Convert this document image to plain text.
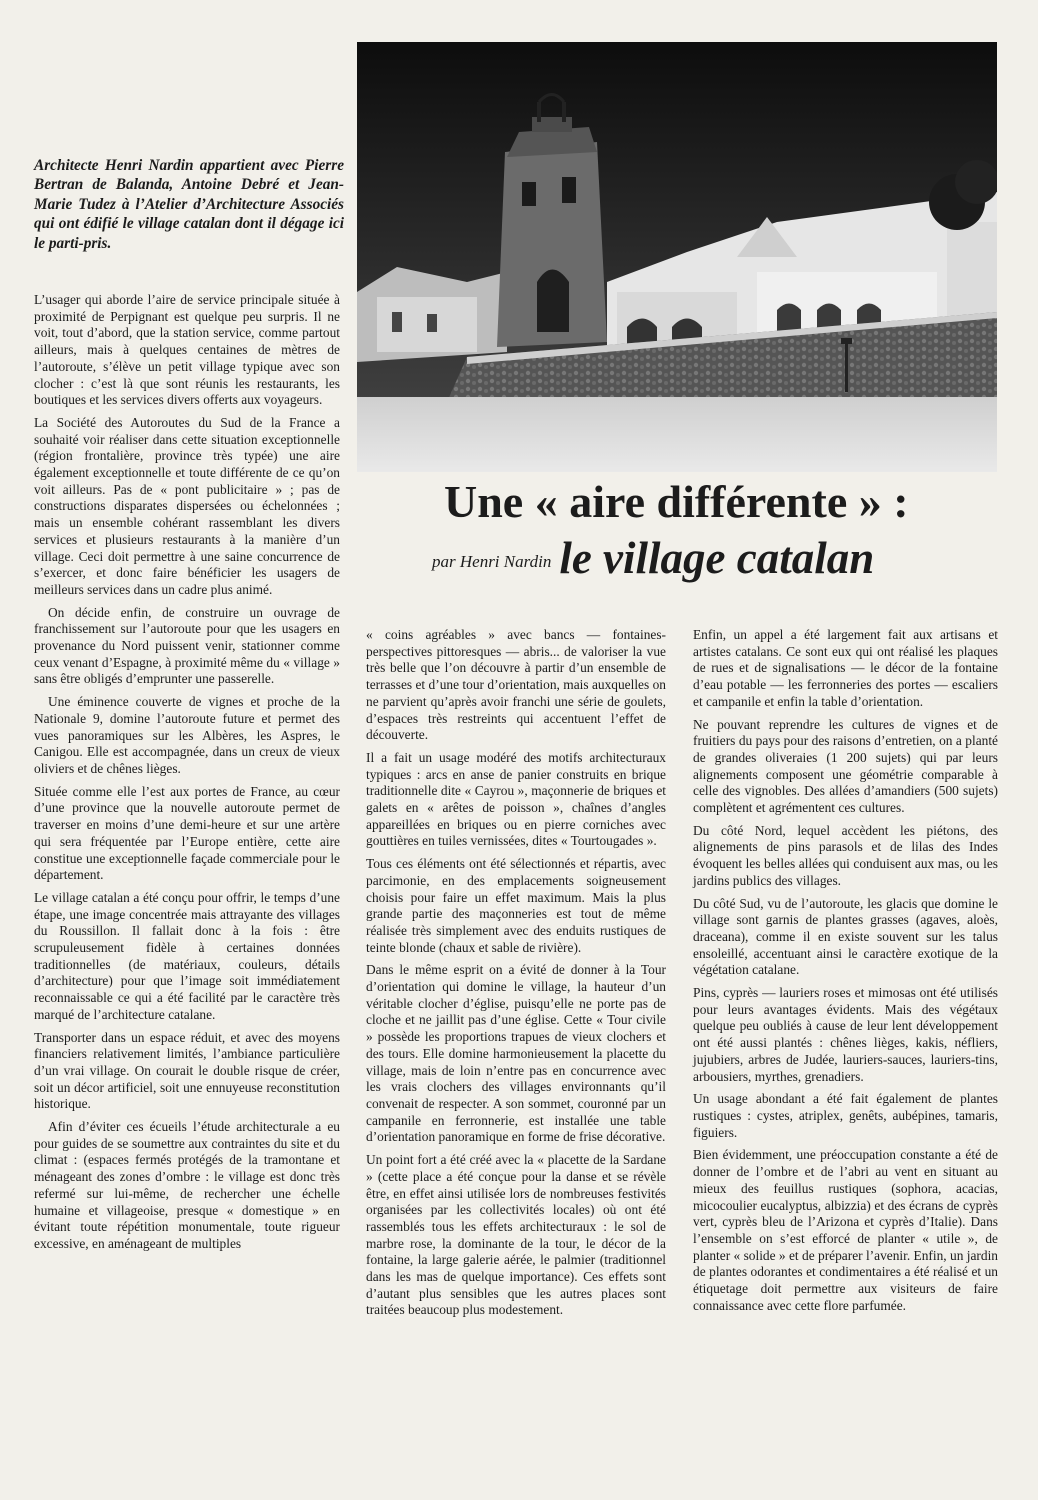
Architecte Henri Nardin appartient avec Pierre Bertran de Balanda, Antoine Debré et Jean-Marie Tudez à l’Atelier d’Architecture Associés qui ont édifié le village catalan dont il dégage ici le parti-pris.

L’usager qui aborde l’aire de service principale située à proximité de Perpignant est quelque peu surpris. Il ne voit, tout d’abord, que la station service, comme partout ailleurs, mais à quelques centaines de mètres de l’autoroute, s’élève un petit village typique avec son clocher : c’est là que sont réunis les restaurants, les boutiques et les services divers offerts aux voyageurs.

La Société des Autoroutes du Sud de la France a souhaité voir réaliser dans cette situation exceptionnelle (région frontalière, province très typée) une aire également exceptionnelle et toute différente de ce qu’on voit ailleurs. Pas de « pont publicitaire » ; pas de constructions disparates dispersées ou échelonnées ; mais un ensemble cohérant rassemblant les divers services et plusieurs restaurants à la manière d’un village. Ceci doit permettre à une saine concurrence de s’exercer, et donc faire bénéficier les usagers de meilleurs services dans un cadre plus animé.

On décide enfin, de construire un ouvrage de franchissement sur l’autoroute pour que les usagers en provenance du Nord puissent venir, stationner comme ceux venant d’Espagne, à proximité même du « village » sans être obligés d’emprunter une passerelle.

Une éminence couverte de vignes et proche de la Nationale 9, domine l’autoroute future et permet des vues panoramiques sur les Albères, les Aspres, le Canigou. Elle est accompagnée, dans un creux de vieux oliviers et de chênes lièges.

Située comme elle l’est aux portes de France, au cœur d’une province que la nouvelle autoroute permet de traverser en moins d’une demi-heure et sur une artère qui sera fréquentée par l’Europe entière, cette aire constitue une exceptionnelle façade commerciale pour le département.

Le village catalan a été conçu pour offrir, le temps d’une étape, une image concentrée mais attrayante des villages du Roussillon. Il fallait donc à la fois : être scrupuleusement fidèle à certaines données traditionnelles (de matériaux, couleurs, détails d’architecture) pour que l’image soit immédiatement reconnaissable ce qui a été facilité par le caractère très marqué de l’architecture catalane.

Transporter dans un espace réduit, et avec des moyens financiers relativement limités, l’ambiance particulière d’un vrai village. On courait le double risque de créer, soit un décor artificiel, soit une ennuyeuse reconstitution historique.

Afin d’éviter ces écueils l’étude architecturale a eu pour guides de se soumettre aux contraintes du site et du climat : (espaces fermés protégés de la tramontane et ménageant des zones d’ombre : le village est donc très refermé sur lui-même, de rechercher une échelle humaine et villageoise, presque « domestique » en évitant toute répétition monumentale, toute rigueur excessive, en aménageant de multiples

Une « aire différente » :
par Henri Nardin le village catalan

« coins agréables » avec bancs — fontaines-perspectives pittoresques — abris... de valoriser la vue très belle que l’on découvre à partir d’un ensemble de terrasses et d’une tour d’orientation, mais auxquelles on ne parvient qu’après avoir franchi une série de goulets, d’espaces très restreints qui accentuent l’effet de découverte.

Il a fait un usage modéré des motifs architecturaux typiques : arcs en anse de panier construits en brique traditionnelle dite « Cayrou », maçonnerie de briques et galets en « arêtes de poisson », chaînes d’angles appareillées en briques ou en pierre corniches avec gouttières en tuiles vernissées, dites « Tourtougades ».

Tous ces éléments ont été sélectionnés et répartis, avec parcimonie, en des emplacements soigneusement choisis pour faire un effet maximum. Mais la plus grande partie des maçonneries est tout de même réalisée très simplement avec des enduits rustiques de teinte blonde (chaux et sable de rivière).

Dans le même esprit on a évité de donner à la Tour d’orientation qui domine le village, la hauteur d’un véritable clocher d’église, puisqu’elle ne porte pas de cloche et ne jaillit pas d’une église. Cette « Tour civile » possède les proportions trapues de vieux clochers et des tours. Elle domine harmonieusement la placette du village, mais de loin n’entre pas en concurrence avec les vrais clochers des villages environnants qu’il convenait de respecter. A son sommet, couronné par un campanile en ferronnerie, est installée une table d’orientation panoramique en forme de frise décorative.

Un point fort a été créé avec la « placette de la Sardane » (cette place a été conçue pour la danse et se révèle être, en effet ainsi utilisée lors de nombreuses festivités organisées par les collectivités locales) où ont été rassemblés tous les effets architecturaux : le sol de marbre rose, la dominante de la tour, le décor de la fontaine, la large galerie aérée, le palmier (traditionnel dans les mas de quelque importance). Ces effets sont d’autant plus sensibles que les autres places sont traitées beaucoup plus modestement.

Enfin, un appel a été largement fait aux artisans et artistes catalans. Ce sont eux qui ont réalisé les plaques de rues et de signalisations — le décor de la fontaine d’eau potable — les ferronneries des portes — escaliers et campanile et enfin la table d’orientation.

Ne pouvant reprendre les cultures de vignes et de fruitiers du pays pour des raisons d’entretien, on a planté de grandes oliveraies (1 200 sujets) qui par leurs alignements composent une géométrie comparable à celle des vignobles. Des allées d’amandiers (500 sujets) complètent et agrémentent ces cultures.

Du côté Nord, lequel accèdent les piétons, des alignements de pins parasols et de lilas des Indes évoquent les belles allées qui conduisent aux mas, ou les jardins publics des villages.

Du côté Sud, vu de l’autoroute, les glacis que domine le village sont garnis de plantes grasses (agaves, aloès, draceana), comme il en existe souvent sur les talus ensoleillé, accentuant ainsi le caractère exotique de la végétation catalane.

Pins, cyprès — lauriers roses et mimosas ont été utilisés pour leurs avantages évidents. Mais des végétaux quelque peu oubliés à cause de leur lent développement ont été aussi plantés : chênes lièges, kakis, néfliers, jujubiers, arbres de Judée, lauriers-sauces, lauriers-tins, arbousiers, myrthes, grenadiers.

Un usage abondant a été fait également de plantes rustiques : cystes, atriplex, genêts, aubépines, tamaris, figuiers.

Bien évidemment, une préoccupation constante a été de donner de l’ombre et de l’abri au vent en situant au mieux des feuillus rustiques (sophora, acacias, micocoulier eucalyptus, albizzia) et des écrans de cyprès vert, cyprès bleu de l’Arizona et cyprès d’Italie). Dans l’ensemble on s’est efforcé de planter « utile », de planter « solide » et de préparer l’avenir. Enfin, un jardin de plantes odorantes et condimentaires a été réalisé et un étiquetage doit permettre aux visiteurs de faire connaissance avec cette flore parfumée.
